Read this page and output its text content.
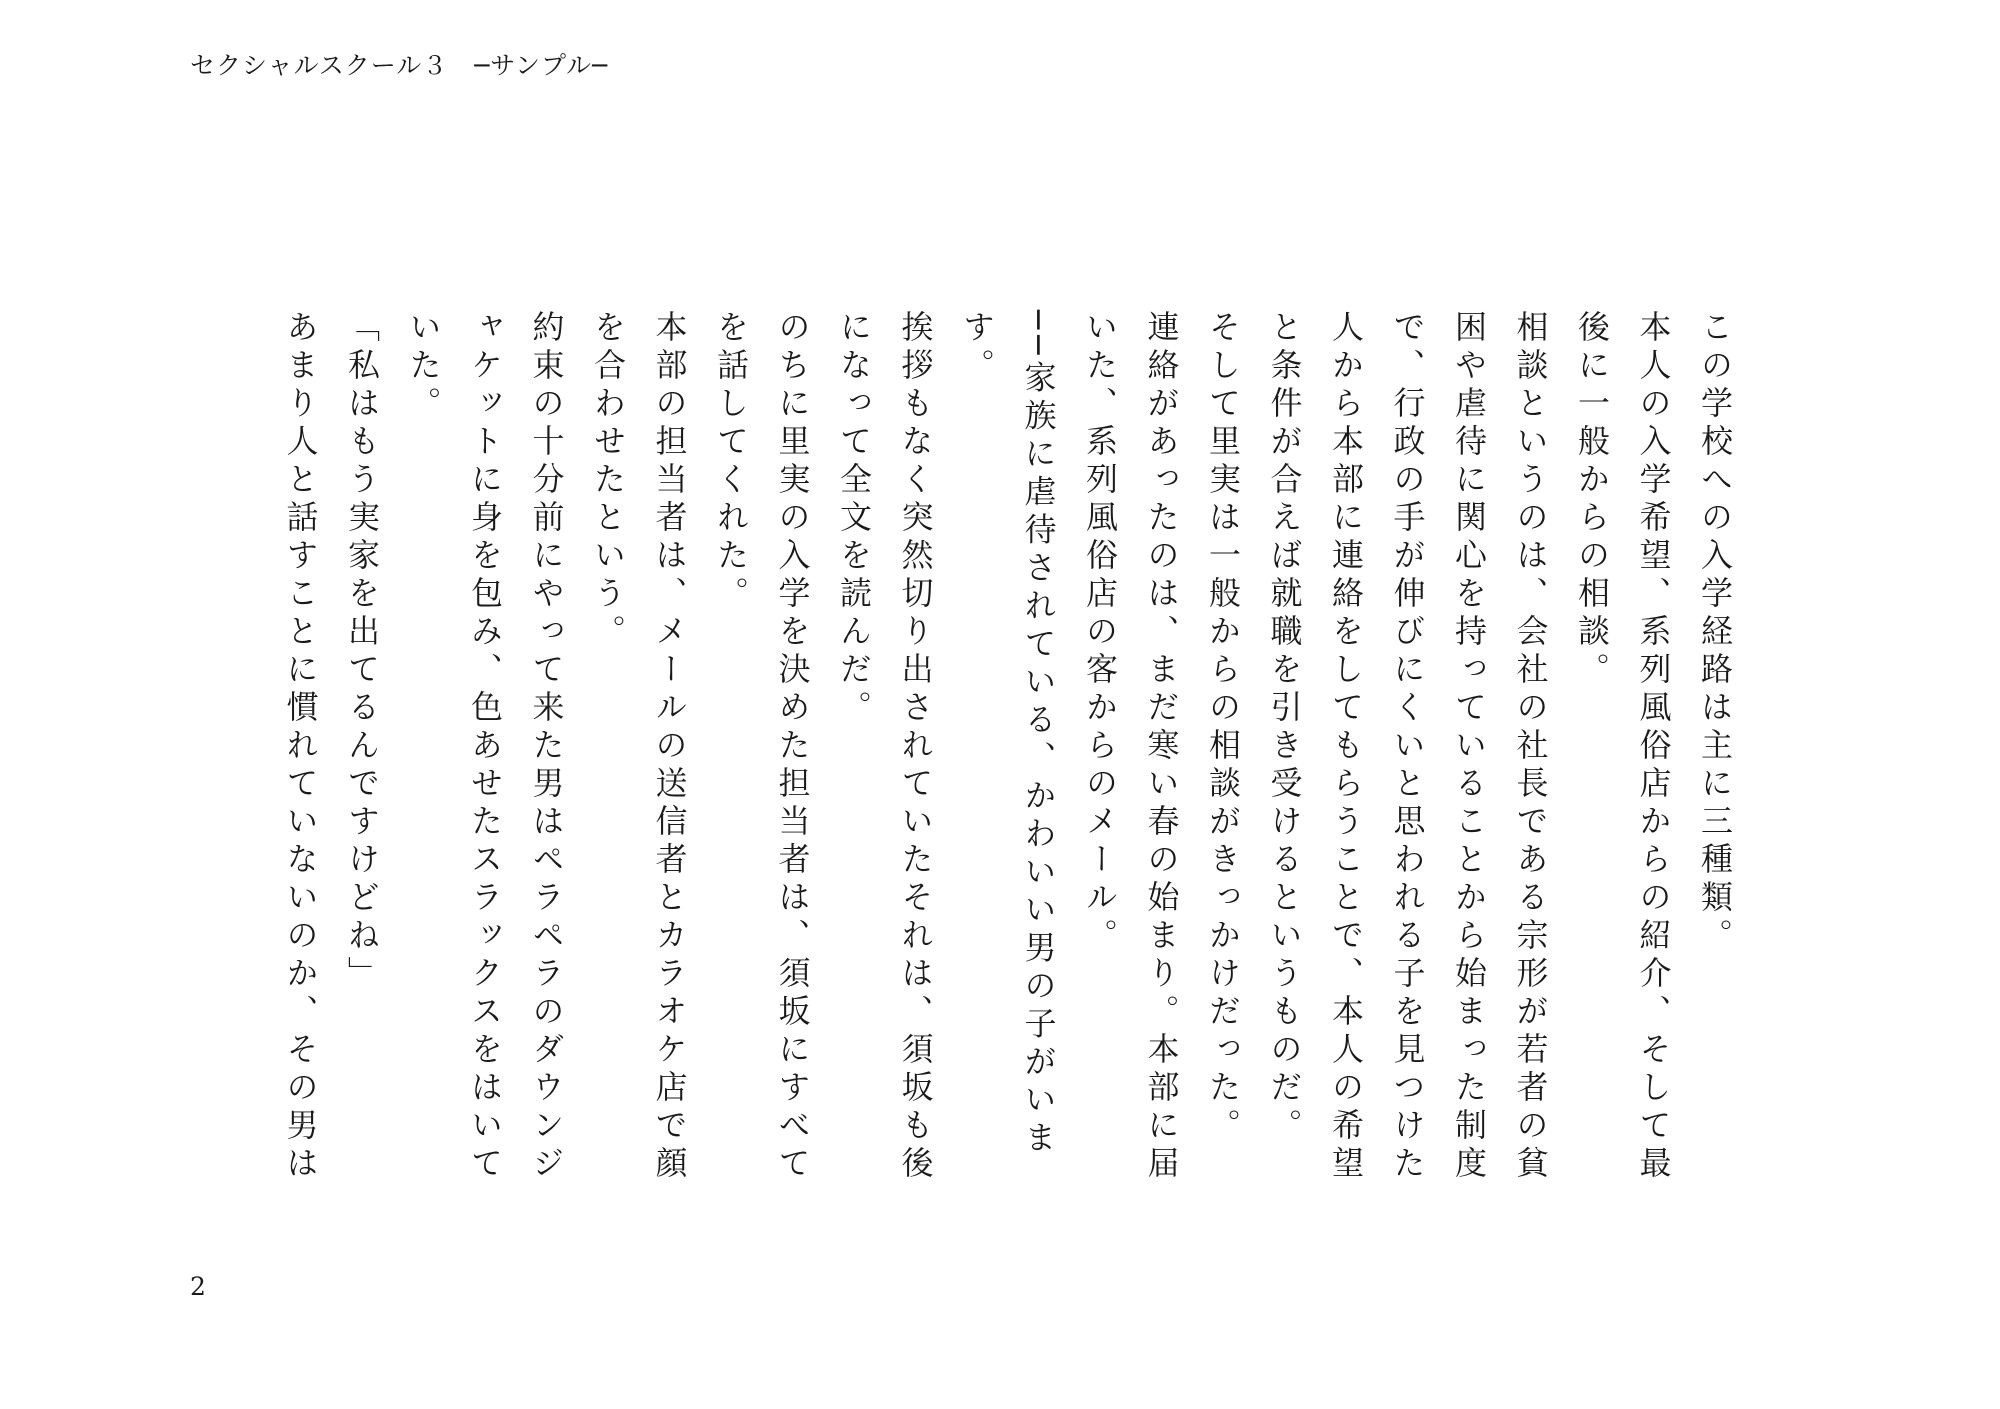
セクシャルスクール３　─サンプル─

この学校への入学経路は主に三種類。

本人の入学希望、系列風俗店からの紹介、そして最後に一般からの相談。

相談というのは、会社の社長である宗形が若者の貧困や虐待に関心を持っていることから始まった制度で、行政の手が伸びにくいと思われる子を見つけた人から本部に連絡をしてもらうことで、本人の希望と条件が合えば就職を引き受けるというものだ。

そして里実は一般からの相談がきっかけだった。

連絡があったのは、まだ寒い春の始まり。本部に届いた、系列風俗店の客からのメール。

──家族に虐待されている、かわいい男の子がいます。

挨拶もなく突然切り出されていたそれは、須坂も後になって全文を読んだ。

のちに里実の入学を決めた担当者は、須坂にすべてを話してくれた。

本部の担当者は、メールの送信者とカラオケ店で顔を合わせたという。

約束の十分前にやって来た男はペラペラのダウンジャケットに身を包み、色あせたスラックスをはいていた。

「私はもう実家を出てるんですけどね」

あまり人と話すことに慣れていないのか、その男は

2
